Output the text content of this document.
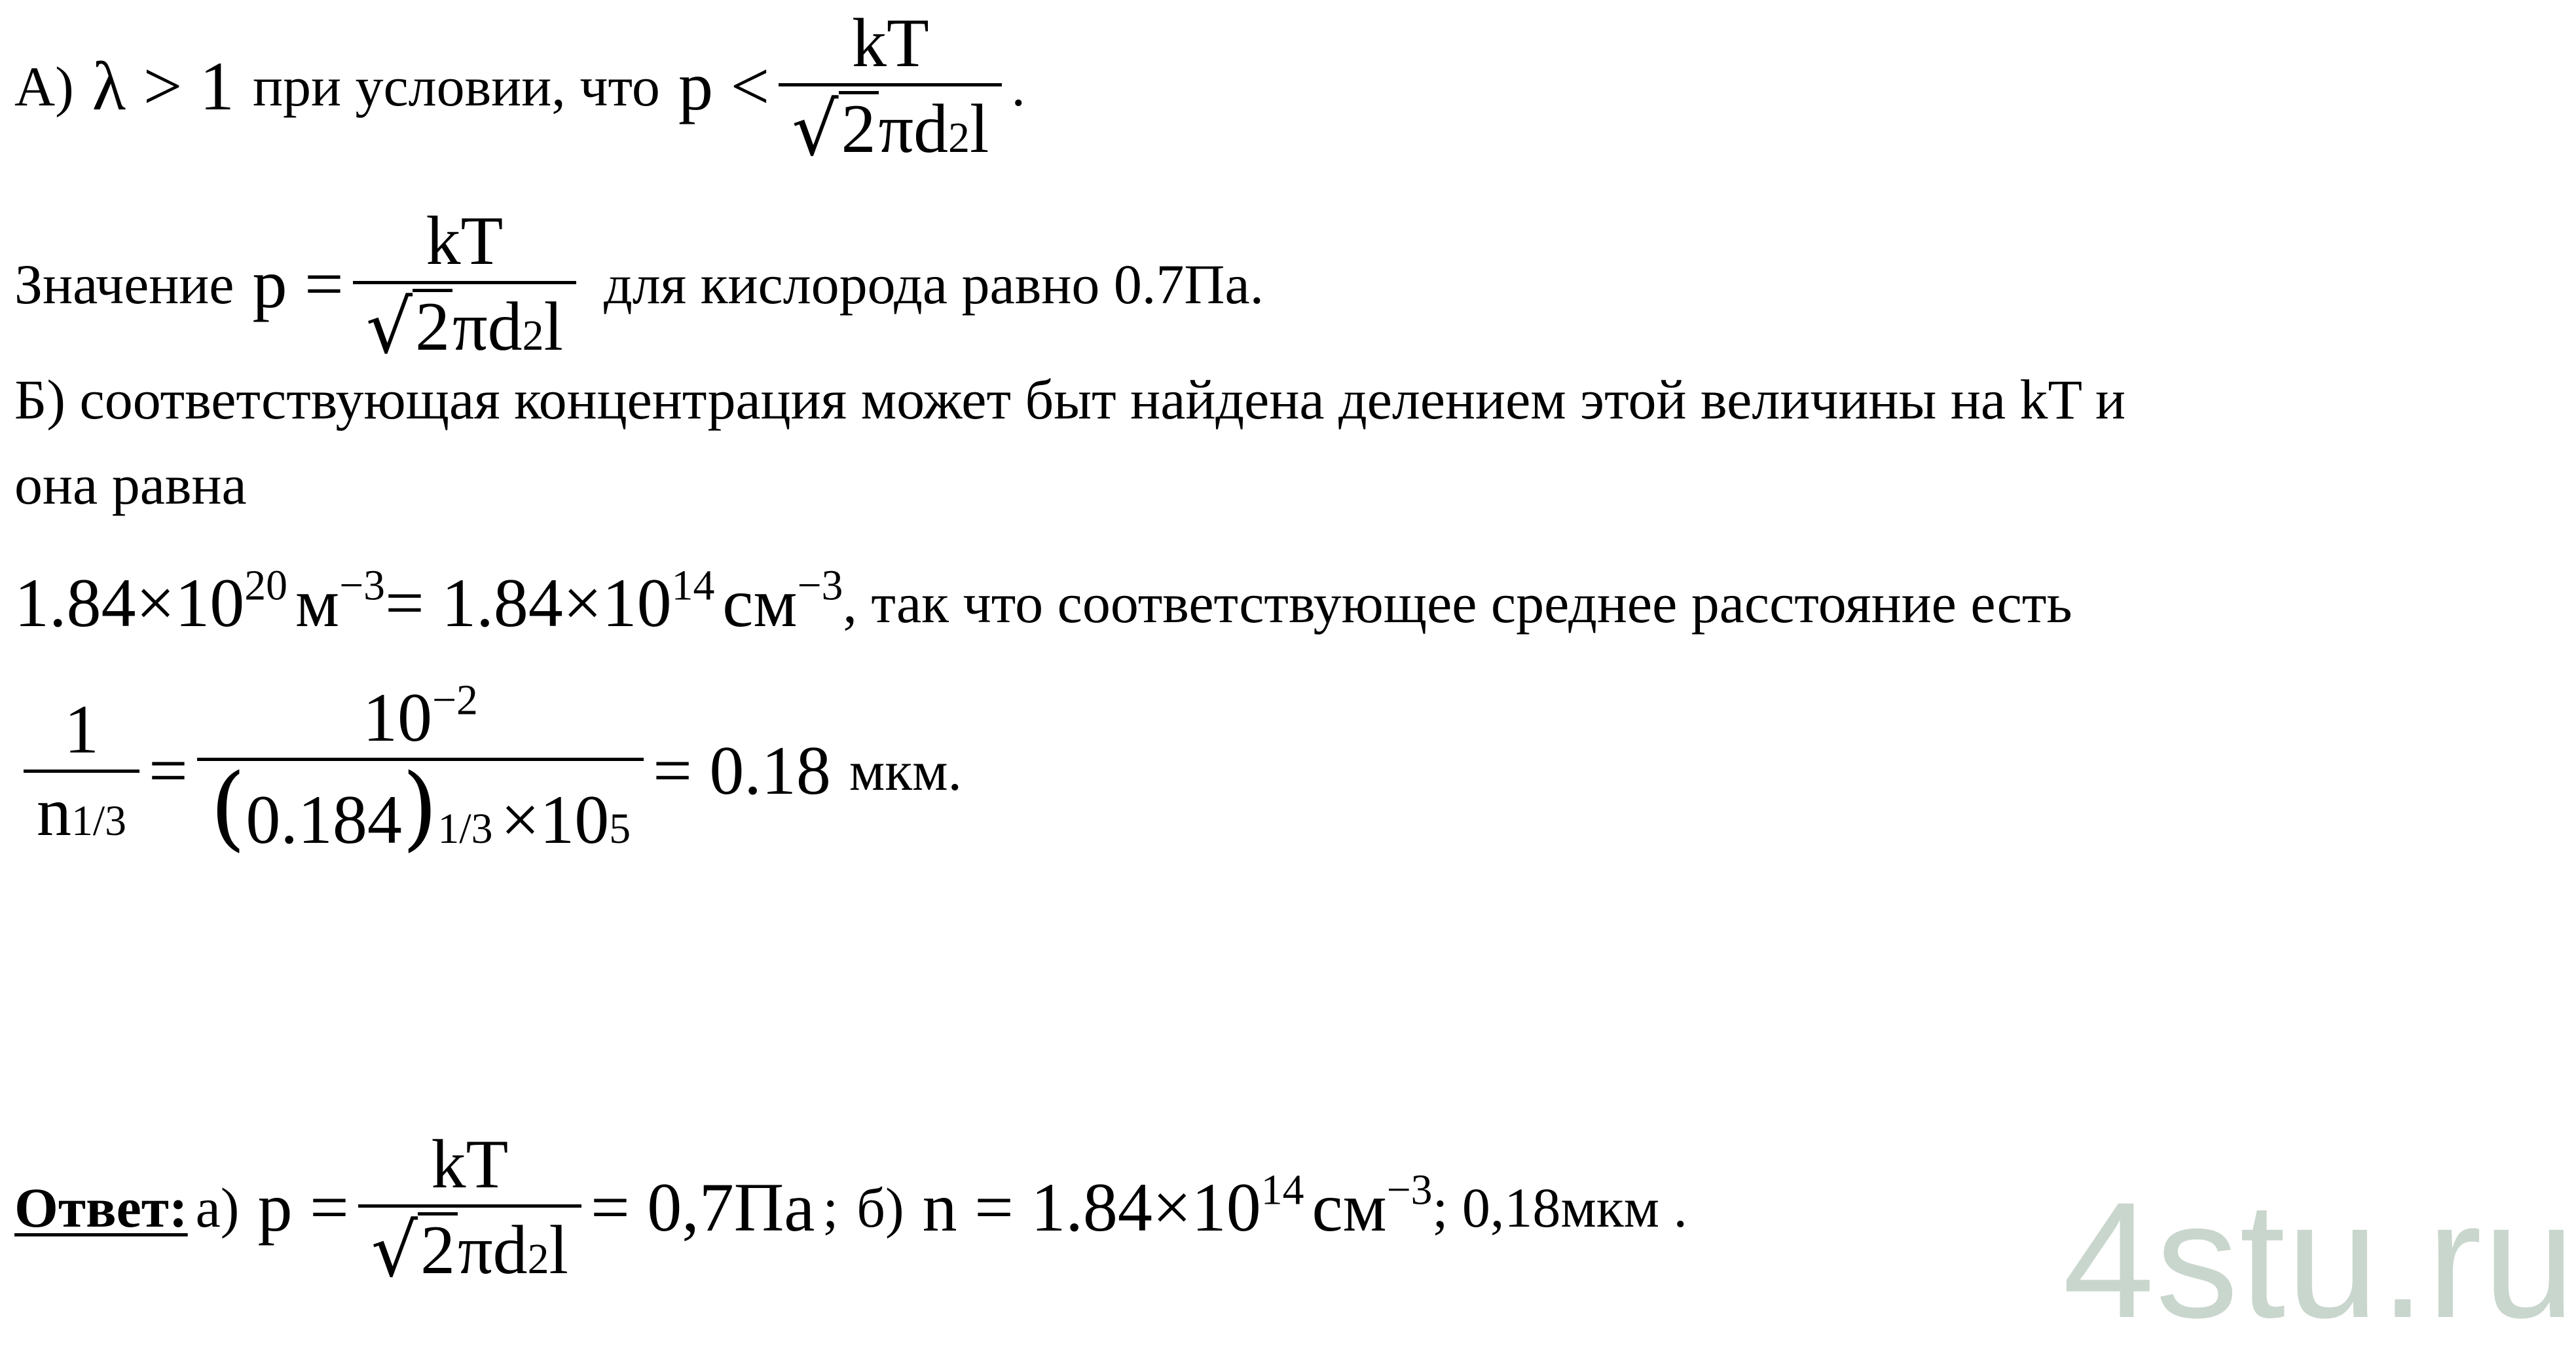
А) λ > 1 при условии, что p <
kT
√ 2 πd 2 l
.
Значение p =
kT
√ 2 πd 2 l
для кислорода равно 0.7Па.
Б) соответствующая концентрация может быт найдена делением этой величины на kT и
она равна
$1.84\times 10^{20}$ $м^{-3} = 1.84\times 10^{14}$ $см^{-3}$ , так что соответствующее среднее расстояние есть
1
n 1/3
=
$10^{-2}$
( 0.184 ) 1/3 ×10 5
= 0.18 мкм.
Ответ: а) p =
kT
√ 2 πd 2 l
= 0,7Па ; б) $n = 1.84\times 10^{14}$ $см^{-3}$ ; 0,18мкм . 4stu.ru
